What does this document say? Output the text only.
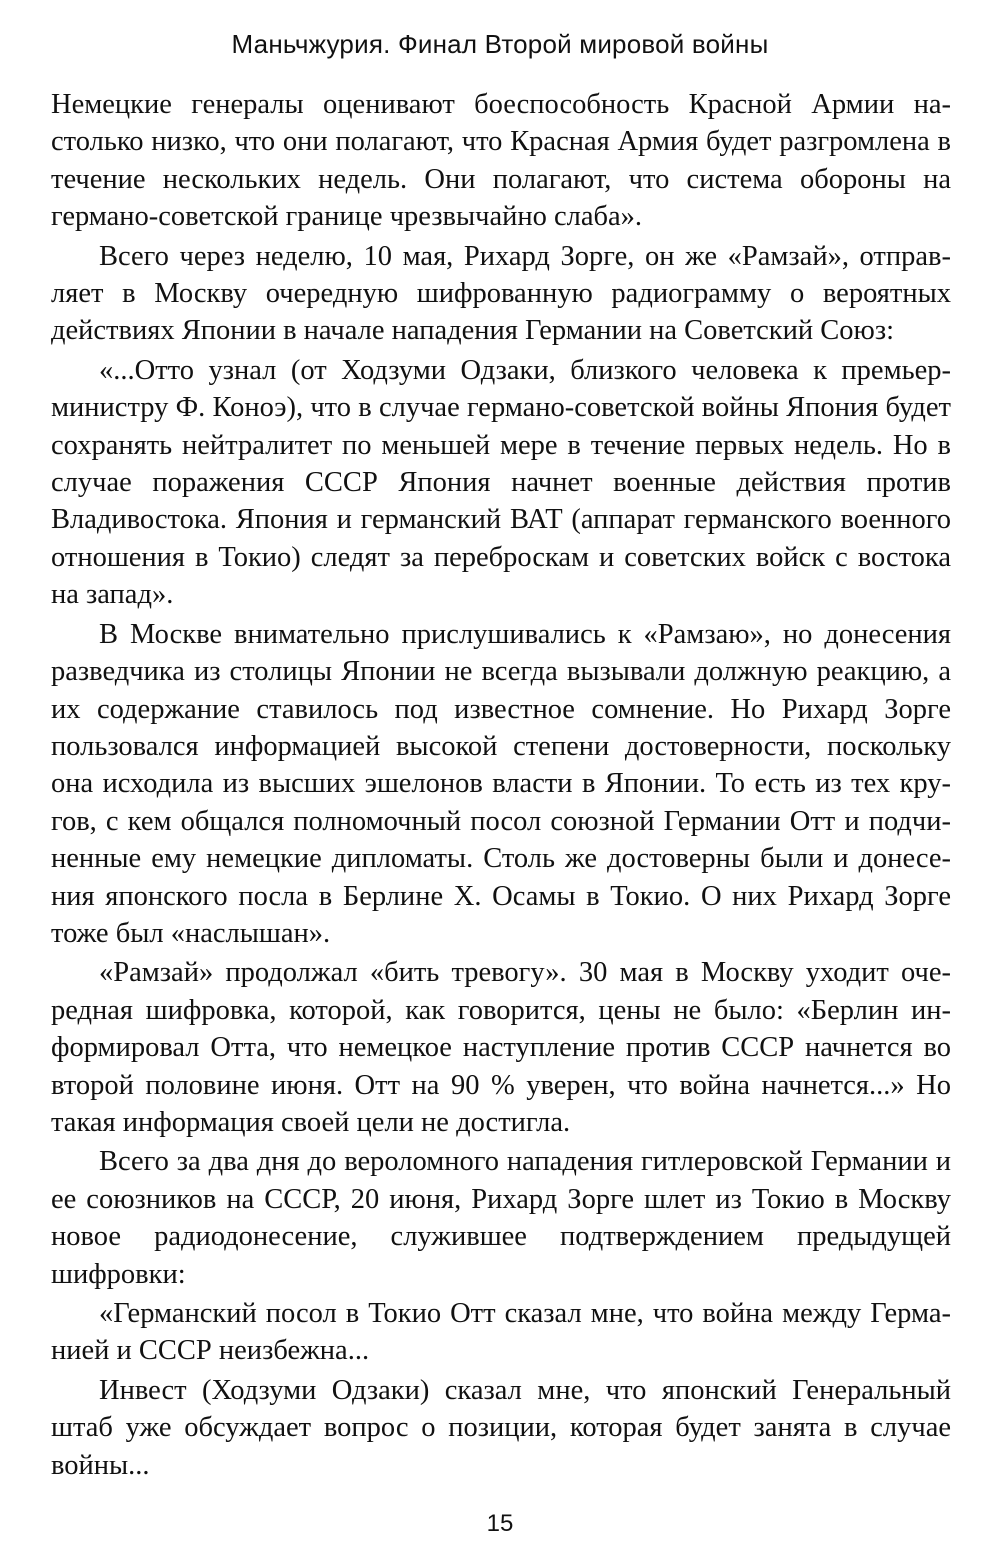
Маньчжурия. Финал Второй мировой войны

Немецкие генералы оценивают боеспособность Красной Армии настолько низко, что они полагают, что Красная Армия будет разгромлена в течение нескольких недель. Они полагают, что система обороны на германо-советской границе чрезвычайно слаба».

Всего через неделю, 10 мая, Рихард Зорге, он же «Рамзай», отправляет в Москву очередную шифрованную радиограмму о вероятных действиях Японии в начале нападения Германии на Советский Союз:

«...Отто узнал (от Ходзуми Одзаки, близкого человека к премьер-министру Ф. Коноэ), что в случае германо-советской войны Япония будет сохранять нейтралитет по меньшей мере в течение первых недель. Но в случае поражения СССР Япония начнет военные действия против Владивостока. Япония и германский ВАТ (аппарат германского военного отношения в Токио) следят за переброскам и советских войск с востока на запад».

В Москве внимательно прислушивались к «Рамзаю», но донесения разведчика из столицы Японии не всегда вызывали должную реакцию, а их содержание ставилось под известное сомнение. Но Рихард Зорге пользовался информацией высокой степени достоверности, поскольку она исходила из высших эшелонов власти в Японии. То есть из тех кругов, с кем общался полномочный посол союзной Германии Отт и подчиненные ему немецкие дипломаты. Столь же достоверны были и донесения японского посла в Берлине X. Осамы в Токио. О них Рихард Зорге тоже был «наслышан».

«Рамзай» продолжал «бить тревогу». 30 мая в Москву уходит очередная шифровка, которой, как говорится, цены не было: «Берлин информировал Отта, что немецкое наступление против СССР начнется во второй половине июня. Отт на 90 % уверен, что война начнется...» Но такая информация своей цели не достигла.

Всего за два дня до вероломного нападения гитлеровской Германии и ее союзников на СССР, 20 июня, Рихард Зорге шлет из Токио в Москву новое радиодонесение, служившее подтверждением предыдущей шифровки:

«Германский посол в Токио Отт сказал мне, что война между Германией и СССР неизбежна...

Инвест (Ходзуми Одзаки) сказал мне, что японский Генеральный штаб уже обсуждает вопрос о позиции, которая будет занята в случае войны...

15
